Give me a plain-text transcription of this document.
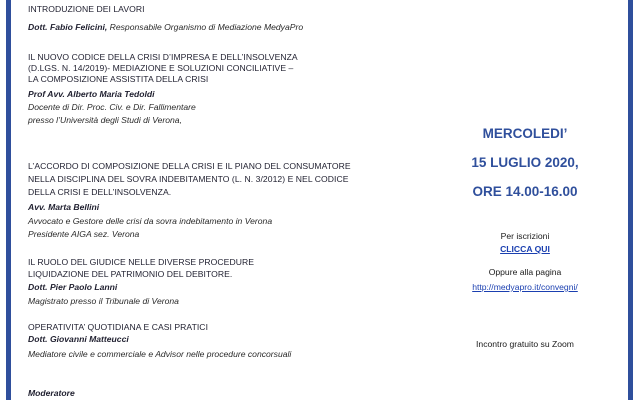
INTRODUZIONE DEI LAVORI
Dott. Fabio Felicini, Responsabile Organismo di Mediazione MedyaPro
IL NUOVO CODICE DELLA CRISI D’IMPRESA E DELL’INSOLVENZA
(D.LGS. N. 14/2019)- MEDIAZIONE E SOLUZIONI CONCILIATIVE –
LA COMPOSIZIONE ASSISTITA DELLA CRISI
Prof Avv. Alberto Maria Tedoldi
Docente di Dir. Proc. Civ. e Dir. Fallimentare
presso l’Università degli Studi di Verona,
L’ACCORDO DI COMPOSIZIONE DELLA CRISI E IL PIANO DEL CONSUMATORE
NELLA DISCIPLINA DEL SOVRA INDEBITAMENTO (L. N. 3/2012) E NEL CODICE
DELLA CRISI E DELL’INSOLVENZA.
Avv. Marta Bellini
Avvocato e Gestore delle crisi da sovra indebitamento in Verona
Presidente AIGA sez. Verona
IL RUOLO DEL GIUDICE NELLE DIVERSE PROCEDURE
LIQUIDAZIONE DEL PATRIMONIO DEL DEBITORE.
Dott. Pier Paolo Lanni
Magistrato presso il Tribunale di Verona
OPERATIVITA’ QUOTIDIANA E CASI PRATICI
Dott. Giovanni Matteucci
Mediatore civile e commerciale e Advisor nelle procedure concorsuali
Moderatore
MERCOLEDI’
15 LUGLIO 2020,
ORE 14.00-16.00
Per iscrizioni
CLICCA QUI
Oppure alla pagina
http://medyapro.it/convegni/
Incontro gratuito su Zoom
